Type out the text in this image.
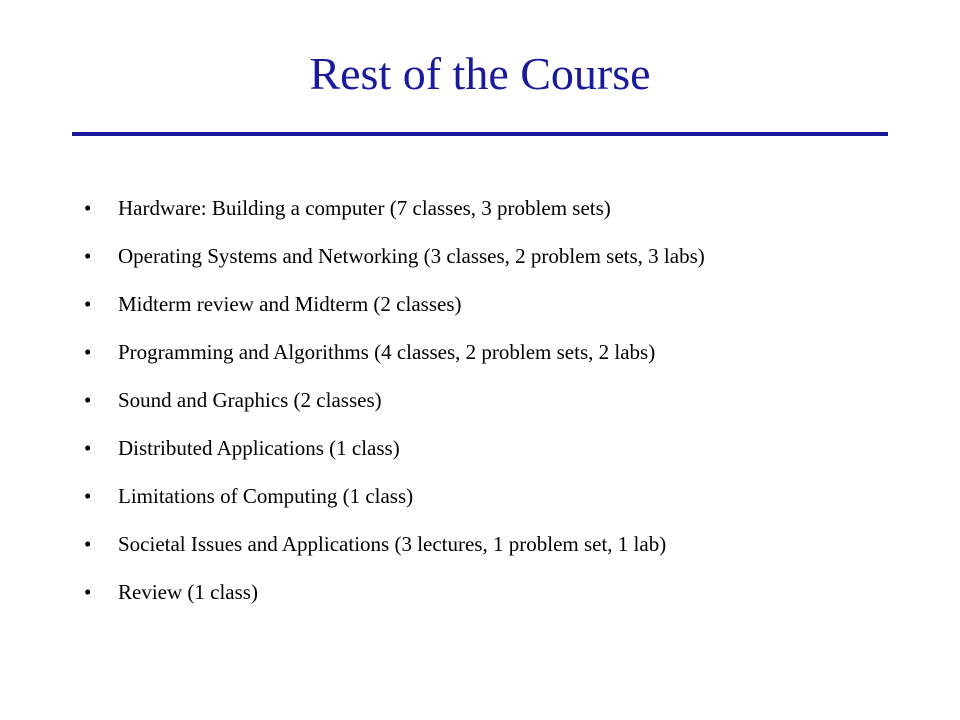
Rest of the Course
• Hardware: Building a computer (7 classes, 3 problem sets)
• Operating Systems and Networking (3 classes, 2 problem sets, 3 labs)
• Midterm review and Midterm (2 classes)
• Programming and Algorithms (4 classes, 2 problem sets, 2 labs)
• Sound and Graphics (2 classes)
• Distributed Applications (1 class)
• Limitations of Computing (1 class)
• Societal Issues and Applications (3 lectures, 1 problem set, 1 lab)
• Review (1 class)
